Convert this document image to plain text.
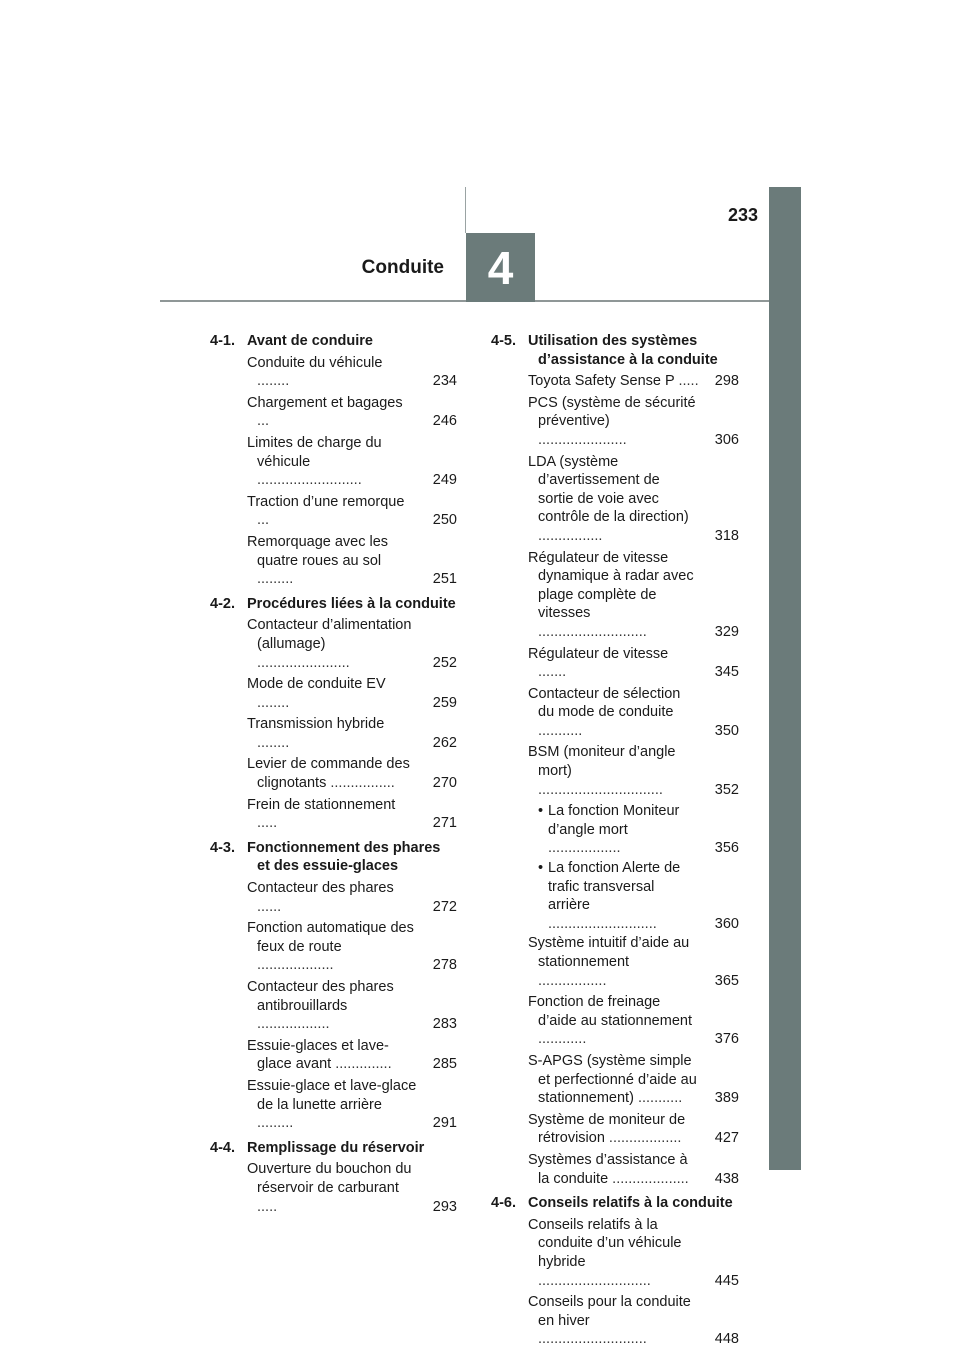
233
Conduite 4
4-1. Avant de conduire
Conduite du véhicule ........	234
Chargement et bagages ...	246
Limites de charge du véhicule ..........................	249
Traction d’une remorque ...	250
Remorquage avec les quatre roues au sol .........	251
4-2. Procédures liées à la conduite
Contacteur d’alimentation (allumage) .......................	252
Mode de conduite EV ........	259
Transmission hybride ........	262
Levier de commande des clignotants ................	270
Frein de stationnement .....	271
4-3. Fonctionnement des phares et des essuie-glaces
Contacteur des phares ......	272
Fonction automatique des feux de route ...................	278
Contacteur des phares antibrouillards ..................	283
Essuie-glaces et lave-glace avant ..............	285
Essuie-glace et lave-glace de la lunette arrière .........	291
4-4. Remplissage du réservoir
Ouverture du bouchon du réservoir de carburant .....	293
4-5. Utilisation des systèmes d’assistance à la conduite
Toyota Safety Sense P .....	298
PCS (système de sécurité préventive) ......................	306
LDA (système d’avertissement de sortie de voie avec contrôle de la direction) ................	318
Régulateur de vitesse dynamique à radar avec plage complète de vitesses ...........................	329
Régulateur de vitesse .......	345
Contacteur de sélection du mode de conduite ...........	350
BSM (moniteur d’angle mort) ...............................	352
• La fonction Moniteur d’angle mort ..................	356
• La fonction Alerte de trafic transversal arrière ...........................	360
Système intuitif d’aide au stationnement .................	365
Fonction de freinage d’aide au stationnement ............	376
S-APGS (système simple et perfectionné d’aide au stationnement) ...........	389
Système de moniteur de rétrovision ..................	427
Systèmes d’assistance à la conduite ...................	438
4-6. Conseils relatifs à la conduite
Conseils relatifs à la conduite d’un véhicule hybride ............................	445
Conseils pour la conduite en hiver ...........................	448
